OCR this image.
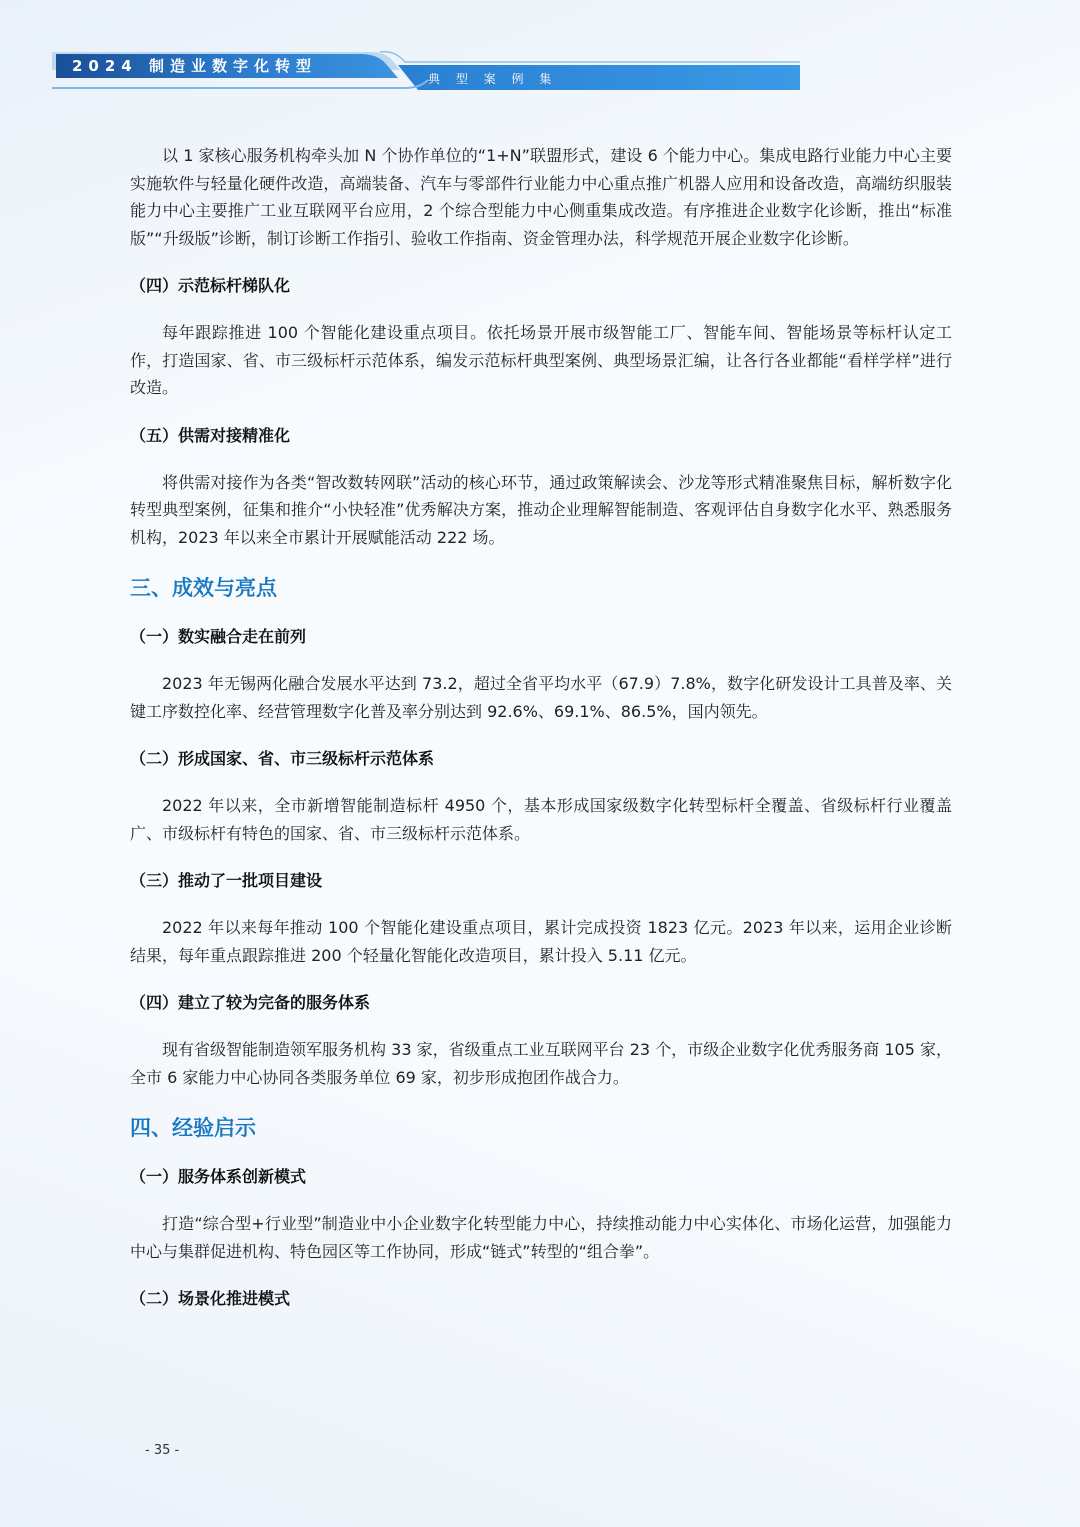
2024 制造业数字化转型
典 型 案 例 集

以 1 家核心服务机构牵头加 N 个协作单位的“1+N”联盟形式，建设 6 个能力中心。集成电路行业能力中心主要实施软件与轻量化硬件改造，高端装备、汽车与零部件行业能力中心重点推广机器人应用和设备改造，高端纺织服装能力中心主要推广工业互联网平台应用，2 个综合型能力中心侧重集成改造。有序推进企业数字化诊断，推出“标准版”“升级版”诊断，制订诊断工作指引、验收工作指南、资金管理办法，科学规范开展企业数字化诊断。

（四）示范标杆梯队化

每年跟踪推进 100 个智能化建设重点项目。依托场景开展市级智能工厂、智能车间、智能场景等标杆认定工作，打造国家、省、市三级标杆示范体系，编发示范标杆典型案例、典型场景汇编，让各行各业都能“看样学样”进行改造。

（五）供需对接精准化

将供需对接作为各类“智改数转网联”活动的核心环节，通过政策解读会、沙龙等形式精准聚焦目标，解析数字化转型典型案例，征集和推介“小快轻准”优秀解决方案，推动企业理解智能制造、客观评估自身数字化水平、熟悉服务机构，2023 年以来全市累计开展赋能活动 222 场。

三、成效与亮点
（一）数实融合走在前列

2023 年无锡两化融合发展水平达到 73.2，超过全省平均水平（67.9）7.8%，数字化研发设计工具普及率、关键工序数控化率、经营管理数字化普及率分别达到 92.6%、69.1%、86.5%，国内领先。

（二）形成国家、省、市三级标杆示范体系

2022 年以来，全市新增智能制造标杆 4950 个，基本形成国家级数字化转型标杆全覆盖、省级标杆行业覆盖广、市级标杆有特色的国家、省、市三级标杆示范体系。

（三）推动了一批项目建设

2022 年以来每年推动 100 个智能化建设重点项目，累计完成投资 1823 亿元。2023 年以来，运用企业诊断结果，每年重点跟踪推进 200 个轻量化智能化改造项目，累计投入 5.11 亿元。

（四）建立了较为完备的服务体系

现有省级智能制造领军服务机构 33 家，省级重点工业互联网平台 23 个，市级企业数字化优秀服务商 105 家，全市 6 家能力中心协同各类服务单位 69 家，初步形成抱团作战合力。

四、经验启示
（一）服务体系创新模式

打造“综合型+行业型”制造业中小企业数字化转型能力中心，持续推动能力中心实体化、市场化运营，加强能力中心与集群促进机构、特色园区等工作协同，形成“链式”转型的“组合拳”。

（二）场景化推进模式
- 35 -
